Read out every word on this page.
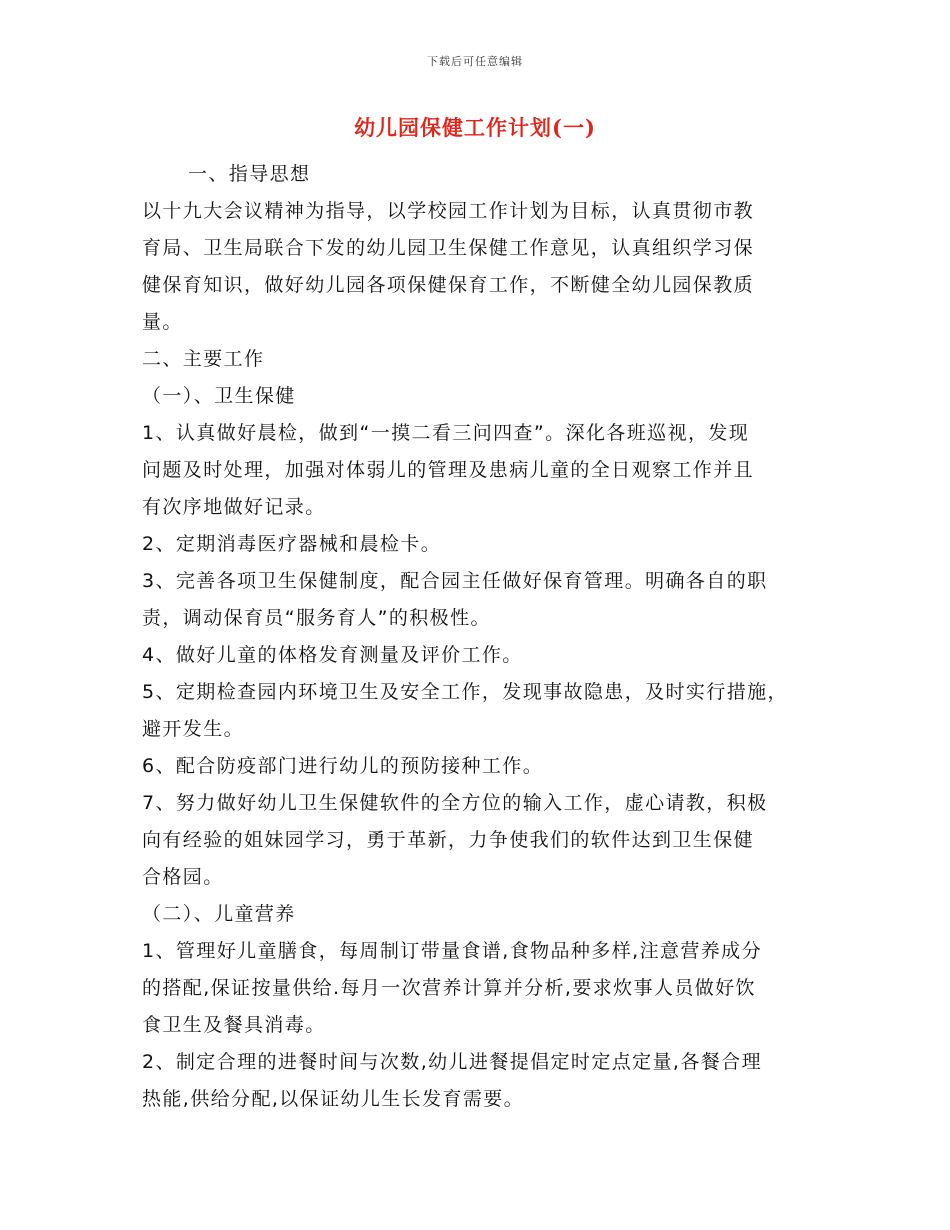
下载后可任意编辑
幼儿园保健工作计划(一)
一、指导思想
以十九大会议精神为指导，以学校园工作计划为目标，认真贯彻市教
育局、卫生局联合下发的幼儿园卫生保健工作意见，认真组织学习保
健保育知识，做好幼儿园各项保健保育工作，不断健全幼儿园保教质
量。
二、主要工作
（一）、卫生保健
1、认真做好晨检，做到“一摸二看三问四查”。深化各班巡视，发现
问题及时处理，加强对体弱儿的管理及患病儿童的全日观察工作并且
有次序地做好记录。
2、定期消毒医疗器械和晨检卡。
3、完善各项卫生保健制度，配合园主任做好保育管理。明确各自的职
责，调动保育员“服务育人”的积极性。
4、做好儿童的体格发育测量及评价工作。
5、定期检查园内环境卫生及安全工作，发现事故隐患，及时实行措施，
避开发生。
6、配合防疫部门进行幼儿的预防接种工作。
7、努力做好幼儿卫生保健软件的全方位的输入工作，虚心请教，积极
向有经验的姐妹园学习，勇于革新，力争使我们的软件达到卫生保健
合格园。
（二）、儿童营养
1、管理好儿童膳食，每周制订带量食谱,食物品种多样,注意营养成分
的搭配,保证按量供给.每月一次营养计算并分析,要求炊事人员做好饮
食卫生及餐具消毒。
2、制定合理的进餐时间与次数,幼儿进餐提倡定时定点定量,各餐合理
热能,供给分配,以保证幼儿生长发育需要。
